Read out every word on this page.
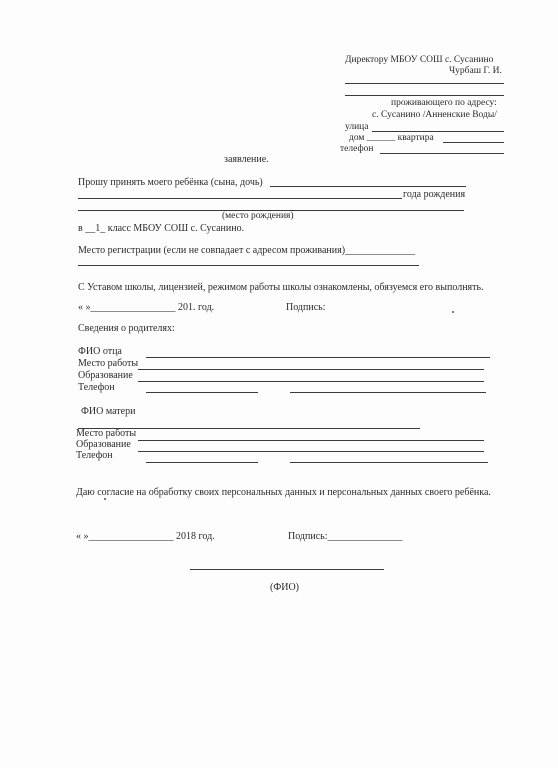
Директору МБОУ СОШ с. Сусанино
Чурбаш Г. И.
проживающего по адресу:
с. Сусанино /Анненские Воды/
улица
дом ______ квартира
телефон
заявление.
Прошу принять моего ребёнка (сына, дочь)
года рождения
(место рождения)
в __1_ класс МБОУ СОШ с. Сусанино.
Место регистрации (если не совпадает с адресом проживания)______________
С Уставом школы, лицензией, режимом работы школы ознакомлены, обязуемся его выполнять.
« »_________________ 201. год.	Подпись:
Сведения о родителях:
ФИО отца
Место работы
Образование
Телефон
ФИО матери
Место работы
Образование
Телефон
Даю согласие на обработку своих персональных данных и персональных данных своего ребёнка.
« »_________________ 2018 год.	Подпись:_______________
(ФИО)
